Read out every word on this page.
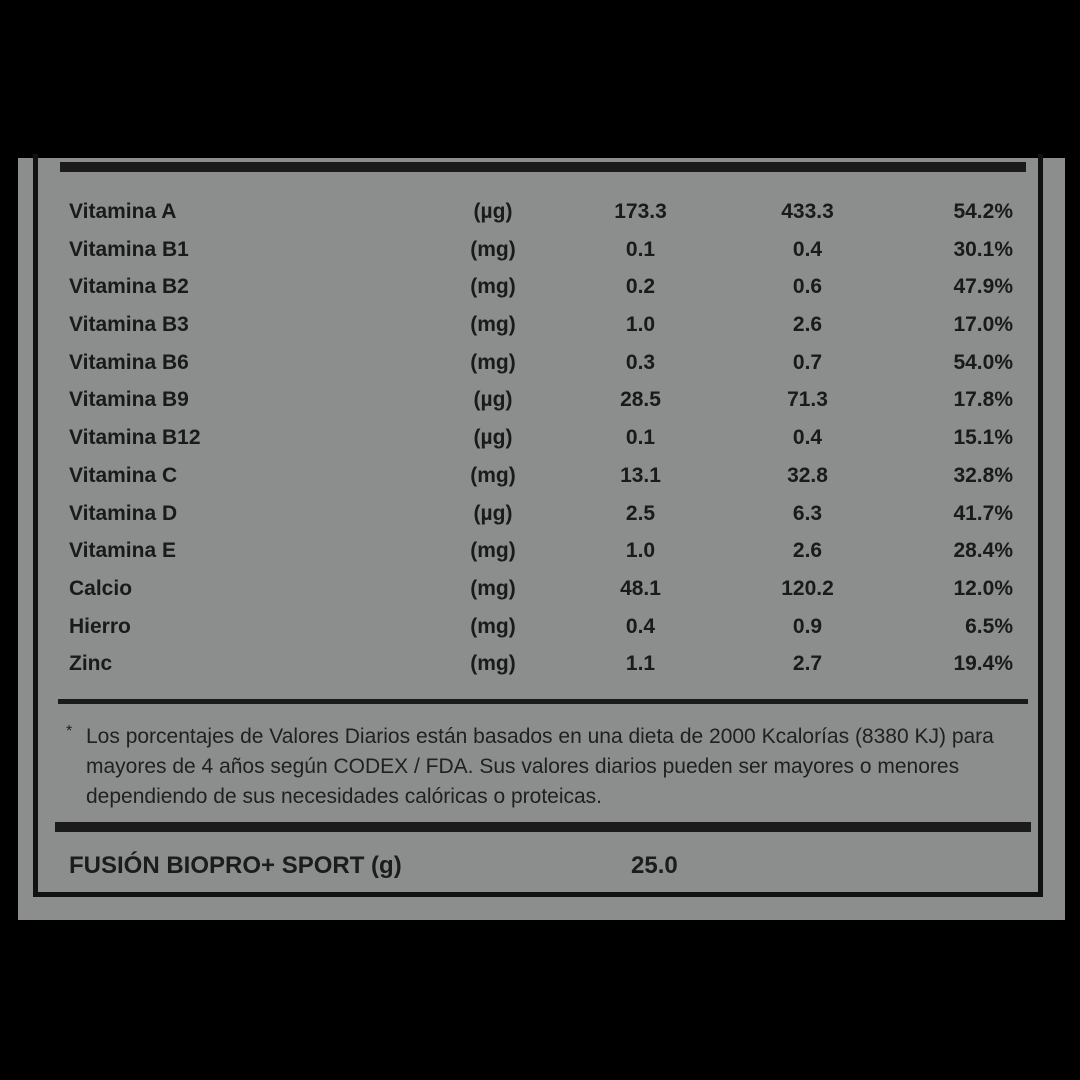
Vitamina A	(µg)	173.3	433.3	54.2%
Vitamina B1	(mg)	0.1	0.4	30.1%
Vitamina B2	(mg)	0.2	0.6	47.9%
Vitamina B3	(mg)	1.0	2.6	17.0%
Vitamina B6	(mg)	0.3	0.7	54.0%
Vitamina B9	(µg)	28.5	71.3	17.8%
Vitamina B12	(µg)	0.1	0.4	15.1%
Vitamina C	(mg)	13.1	32.8	32.8%
Vitamina D	(µg)	2.5	6.3	41.7%
Vitamina E	(mg)	1.0	2.6	28.4%
Calcio	(mg)	48.1	120.2	12.0%
Hierro	(mg)	0.4	0.9	6.5%
Zinc	(mg)	1.1	2.7	19.4%
* Los porcentajes de Valores Diarios están basados en una dieta de 2000 Kcalorías (8380 KJ) para mayores de 4 años según CODEX / FDA. Sus valores diarios pueden ser mayores o menores dependiendo de sus necesidades calóricas o proteicas.
FUSIÓN BIOPRO+ SPORT (g)	25.0
